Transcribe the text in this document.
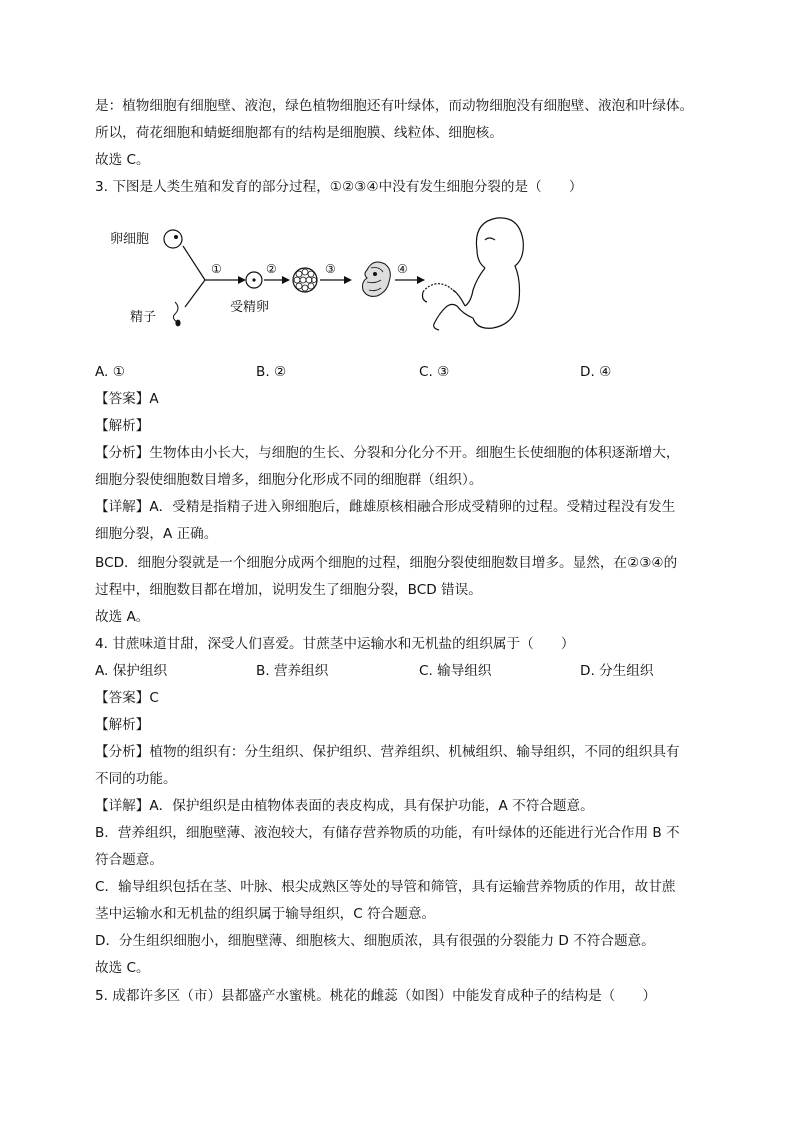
是：植物细胞有细胞壁、液泡，绿色植物细胞还有叶绿体，而动物细胞没有细胞壁、液泡和叶绿体。
所以，荷花细胞和蜻蜓细胞都有的结构是细胞膜、线粒体、细胞核。
故选 C。
3. 下图是人类生殖和发育的部分过程，①②③④中没有发生细胞分裂的是（　　）
卵细胞
精子
①
受精卵
②	③	④
A. ①	B. ②	C. ③	D. ④
【答案】A
【解析】
【分析】生物体由小长大，与细胞的生长、分裂和分化分不开。细胞生长使细胞的体积逐渐增大，
细胞分裂使细胞数目增多，细胞分化形成不同的细胞群（组织）。
【详解】A．受精是指精子进入卵细胞后，雌雄原核相融合形成受精卵的过程。受精过程没有发生
细胞分裂，A 正确。
BCD．细胞分裂就是一个细胞分成两个细胞的过程，细胞分裂使细胞数目增多。显然，在②③④的
过程中，细胞数目都在增加，说明发生了细胞分裂，BCD 错误。
故选 A。
4. 甘蔗味道甘甜，深受人们喜爱。甘蔗茎中运输水和无机盐的组织属于（　　）
A. 保护组织	B. 营养组织	C. 输导组织	D. 分生组织
【答案】C
【解析】
【分析】植物的组织有：分生组织、保护组织、营养组织、机械组织、输导组织，不同的组织具有
不同的功能。
【详解】A．保护组织是由植物体表面的表皮构成，具有保护功能，A 不符合题意。
B．营养组织，细胞壁薄、液泡较大，有储存营养物质的功能，有叶绿体的还能进行光合作用 B 不
符合题意。
C．输导组织包括在茎、叶脉、根尖成熟区等处的导管和筛管，具有运输营养物质的作用，故甘蔗
茎中运输水和无机盐的组织属于输导组织，C 符合题意。
D．分生组织细胞小，细胞壁薄、细胞核大、细胞质浓，具有很强的分裂能力 D 不符合题意。
故选 C。
5. 成都许多区（市）县都盛产水蜜桃。桃花的雌蕊（如图）中能发育成种子的结构是（　　）
